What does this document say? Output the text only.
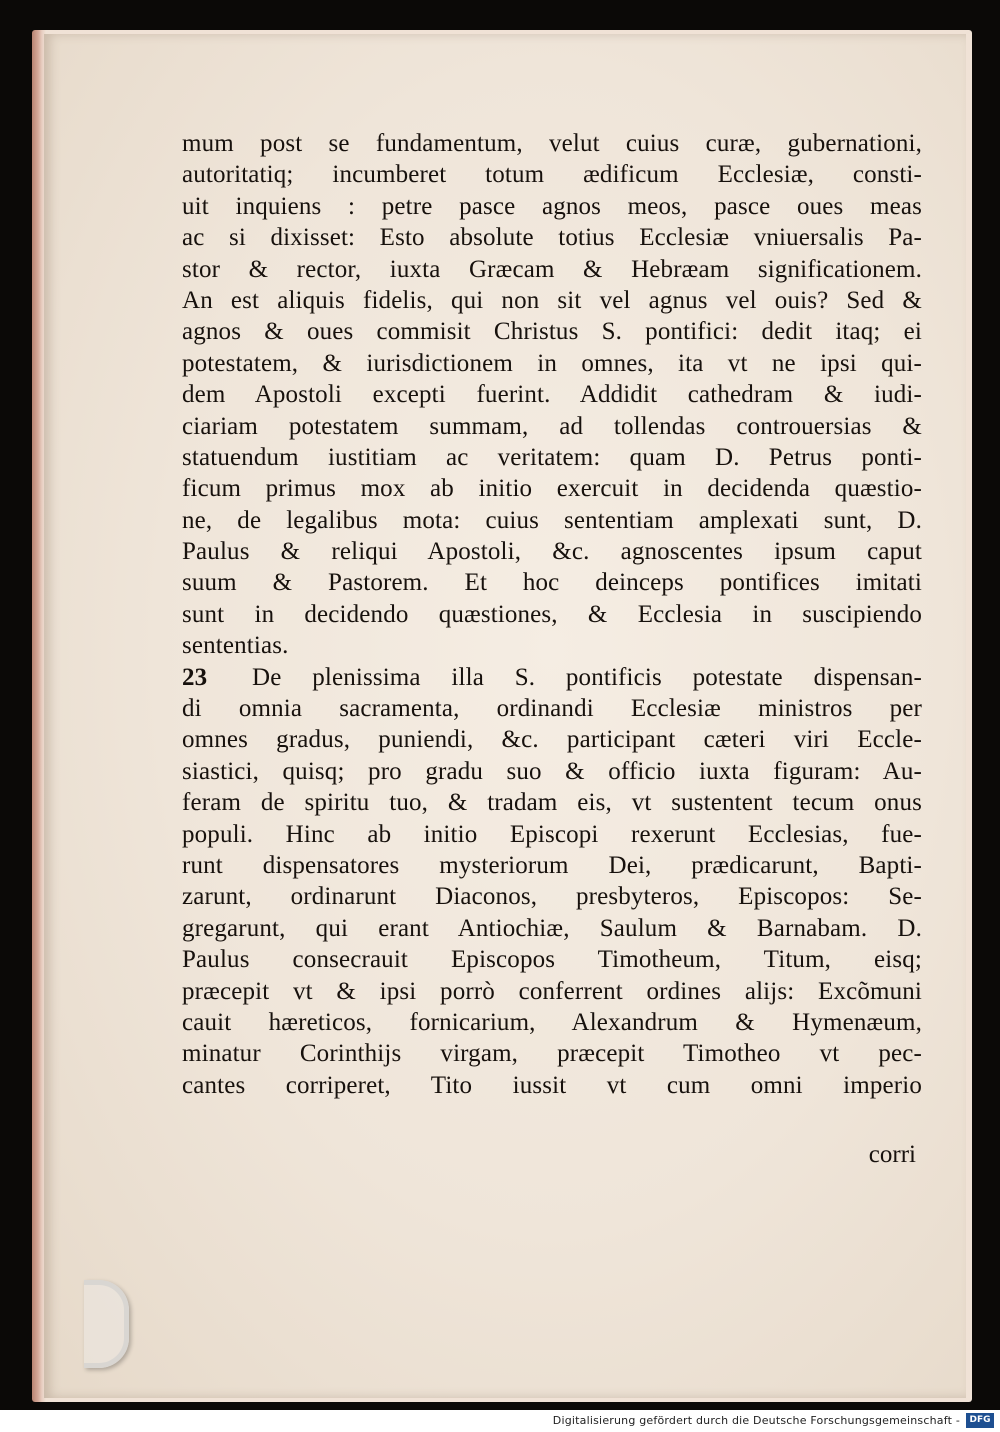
mum post se fundamentum, velut cuius curæ, gubernationi,
autoritatiq; incumberet totum ædificum Ecclesiæ, consti-
uit inquiens : petre pasce agnos meos, pasce oues meas
ac si dixisset: Esto absolute totius Ecclesiæ vniuersalis Pa-
stor & rector, iuxta Græcam & Hebræam significationem.
An est aliquis fidelis, qui non sit vel agnus vel ouis? Sed &
agnos & oues commisit Christus S. pontifici: dedit itaq; ei
potestatem, & iurisdictionem in omnes, ita vt ne ipsi qui-
dem Apostoli excepti fuerint. Addidit cathedram & iudi-
ciariam potestatem summam, ad tollendas controuersias &
statuendum iustitiam ac veritatem: quam D. Petrus ponti-
ficum primus mox ab initio exercuit in decidenda quæstio-
ne, de legalibus mota: cuius sententiam amplexati sunt, D.
Paulus & reliqui Apostoli, &c. agnoscentes ipsum caput
suum & Pastorem. Et hoc deinceps pontifices imitati
sunt in decidendo quæstiones, & Ecclesia in suscipiendo
sententias.
23 De plenissima illa S. pontificis potestate dispensan-
di omnia sacramenta, ordinandi Ecclesiæ ministros per
omnes gradus, puniendi, &c. participant cæteri viri Eccle-
siastici, quisq; pro gradu suo & officio iuxta figuram: Au-
feram de spiritu tuo, & tradam eis, vt sustentent tecum onus
populi. Hinc ab initio Episcopi rexerunt Ecclesias, fue-
runt dispensatores mysteriorum Dei, prædicarunt, Bapti-
zarunt, ordinarunt Diaconos, presbyteros, Episcopos: Se-
gregarunt, qui erant Antiochiæ, Saulum & Barnabam. D.
Paulus consecrauit Episcopos Timotheum, Titum, eisq;
præcepit vt & ipsi porrò conferrent ordines alijs: Excõmuni
cauit hæreticos, fornicarium, Alexandrum & Hymenæum,
minatur Corinthijs virgam, præcepit Timotheo vt pec-
cantes corriperet, Tito iussit vt cum omni imperio
corri
Digitalisierung gefördert durch die Deutsche Forschungsgemeinschaft -	DFG
